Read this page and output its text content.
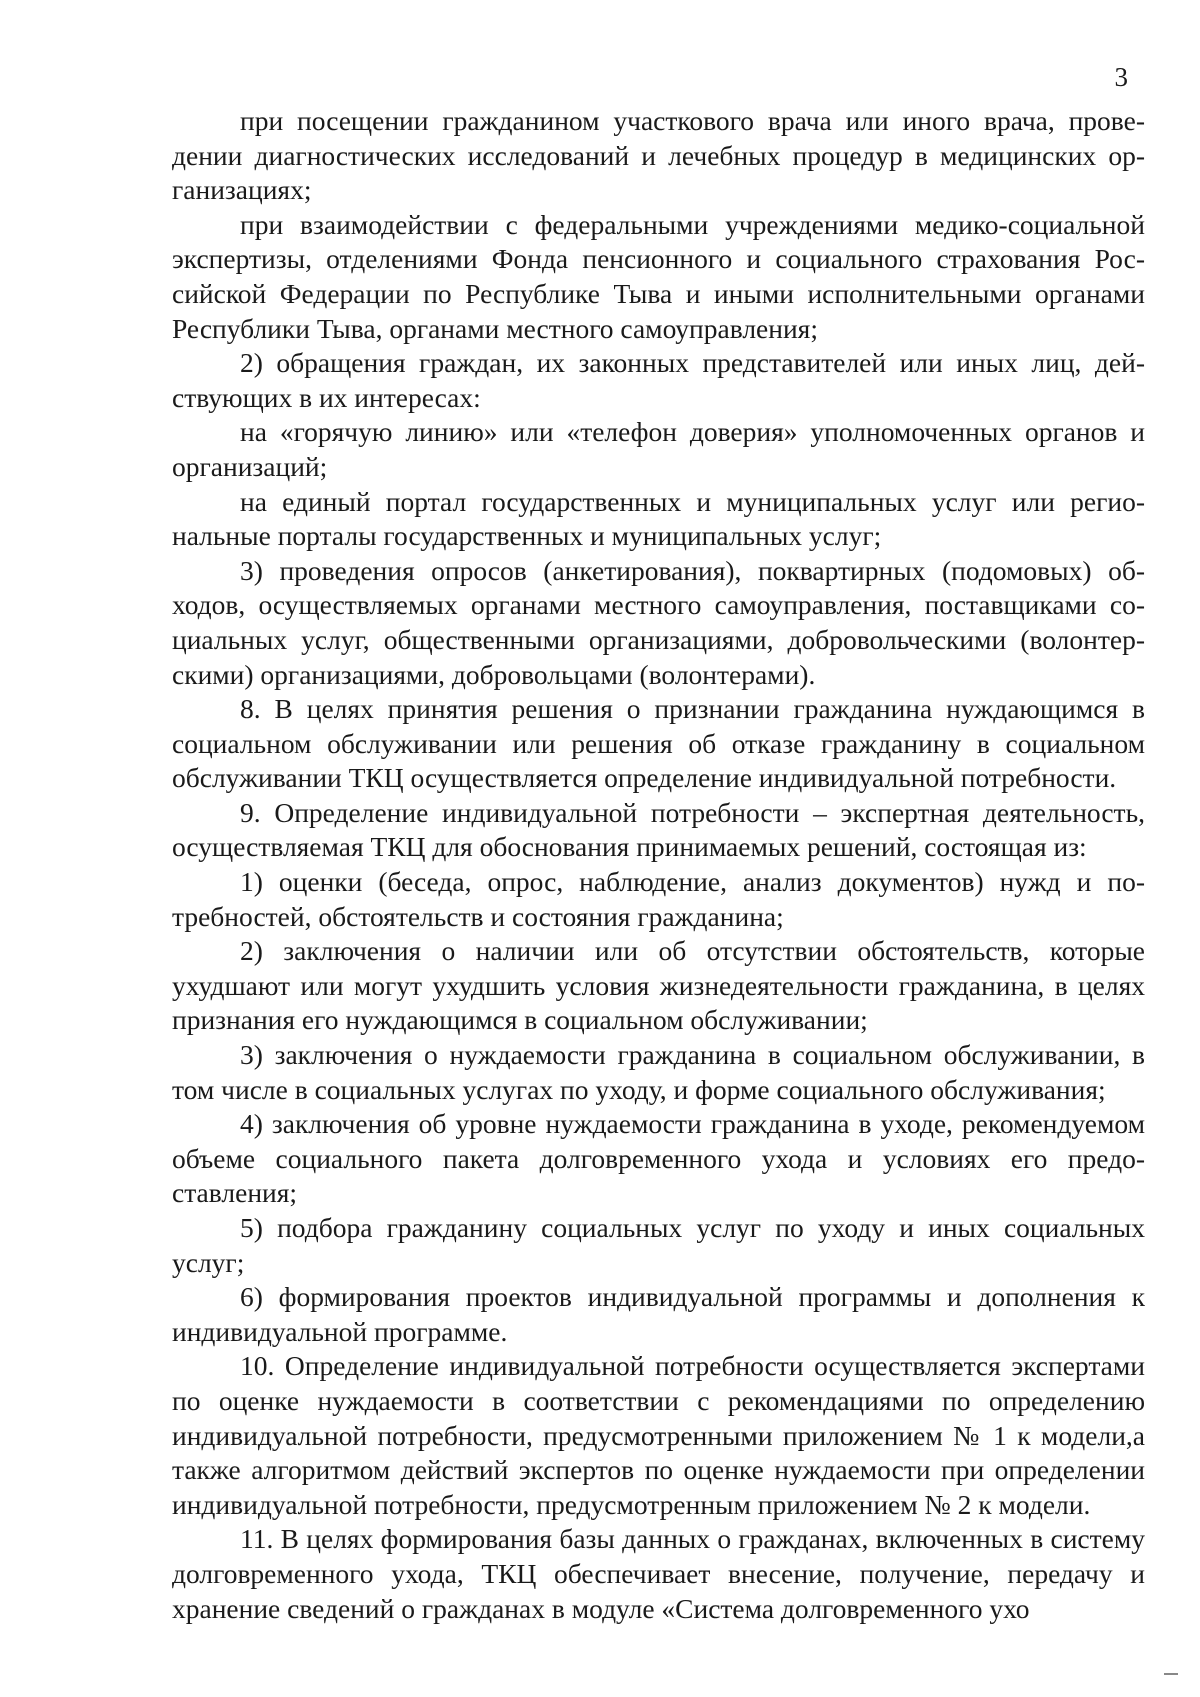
3

при посещении гражданином участкового врача или иного врача, проведении диагностических исследований и лечебных процедур в медицинских организациях;

при взаимодействии с федеральными учреждениями медико-социальной экспертизы, отделениями Фонда пенсионного и социального страхования Российской Федерации по Республике Тыва и иными исполнительными органами Республики Тыва, органами местного самоуправления;

2) обращения граждан, их законных представителей или иных лиц, действующих в их интересах:

на «горячую линию» или «телефон доверия» уполномоченных органов и организаций;

на единый портал государственных и муниципальных услуг или региональные порталы государственных и муниципальных услуг;

3) проведения опросов (анкетирования), поквартирных (подомовых) обходов, осуществляемых органами местного самоуправления, поставщиками социальных услуг, общественными организациями, добровольческими (волонтерскими) организациями, добровольцами (волонтерами).

8. В целях принятия решения о признании гражданина нуждающимся в социальном обслуживании или решения об отказе гражданину в социальном обслуживании ТКЦ осуществляется определение индивидуальной потребности.

9. Определение индивидуальной потребности – экспертная деятельность, осуществляемая ТКЦ для обоснования принимаемых решений, состоящая из:

1) оценки (беседа, опрос, наблюдение, анализ документов) нужд и потребностей, обстоятельств и состояния гражданина;

2) заключения о наличии или об отсутствии обстоятельств, которые ухудшают или могут ухудшить условия жизнедеятельности гражданина, в целях признания его нуждающимся в социальном обслуживании;

3) заключения о нуждаемости гражданина в социальном обслуживании, в том числе в социальных услугах по уходу, и форме социального обслуживания;

4) заключения об уровне нуждаемости гражданина в уходе, рекомендуемом объеме социального пакета долговременного ухода и условиях его предоставления;

5) подбора гражданину социальных услуг по уходу и иных социальных услуг;

6) формирования проектов индивидуальной программы и дополнения к индивидуальной программе.

10. Определение индивидуальной потребности осуществляется экспертами по оценке нуждаемости в соответствии с рекомендациями по определению индивидуальной потребности, предусмотренными приложением № 1 к модели,а также алгоритмом действий экспертов по оценке нуждаемости при определении индивидуальной потребности, предусмотренным приложением № 2 к модели.

11. В целях формирования базы данных о гражданах, включенных в систему долговременного ухода, ТКЦ обеспечивает внесение, получение, передачу и хранение сведений о гражданах в модуле «Система долговременного ухо
